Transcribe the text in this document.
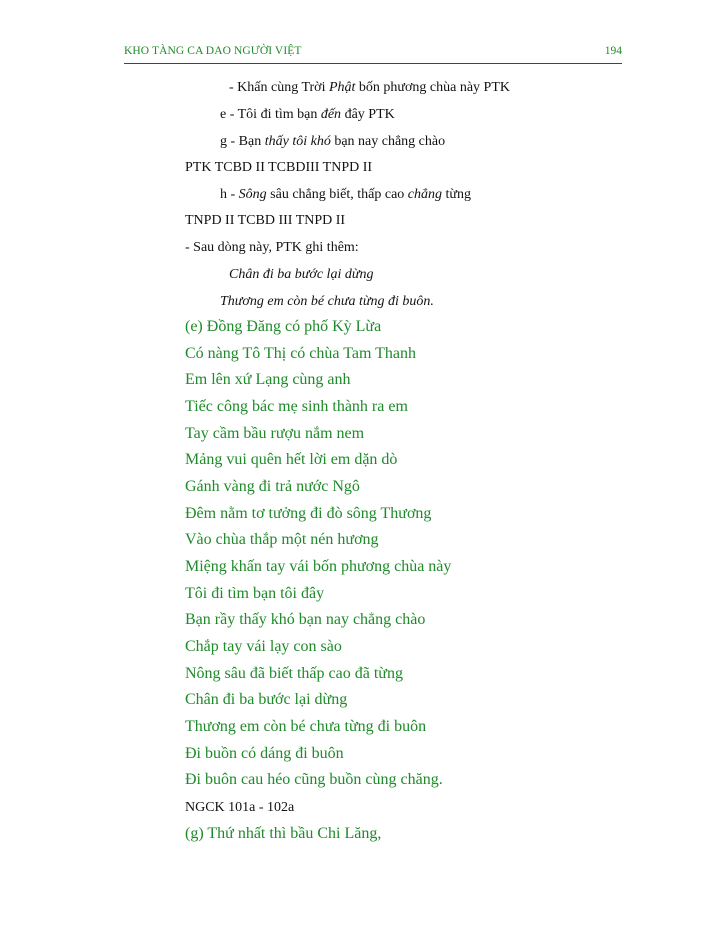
KHO TÀNG CA DAO NGƯỜI VIỆT	194
- Khấn cùng Trời Phật bốn phương chùa này PTK
e - Tôi đi tìm bạn đến đây PTK
g - Bạn thấy tôi khó bạn nay chẳng chào
PTK TCBD II TCBDIII TNPD II
h - Sông sâu chẳng biết, thấp cao chẳng từng
TNPD II TCBD III TNPD II
- Sau dòng này, PTK ghi thêm:
Chân đi ba bước lại dừng
Thương em còn bé chưa từng đi buôn.
(e) Đồng Đăng có phố Kỳ Lừa
Có nàng Tô Thị có chùa Tam Thanh
Em lên xứ Lạng cùng anh
Tiếc công bác mẹ sinh thành ra em
Tay cầm bầu rượu nắm nem
Mảng vui quên hết lời em dặn dò
Gánh vàng đi trả nước Ngô
Đêm nằm tơ tưởng đi đò sông Thương
Vào chùa thắp một nén hương
Miệng khấn tay vái bốn phương chùa này
Tôi đi tìm bạn tôi đây
Bạn rầy thấy khó bạn nay chẳng chào
Chắp tay vái lạy con sào
Nông sâu đã biết thấp cao đã từng
Chân đi ba bước lại dừng
Thương em còn bé chưa từng đi buôn
Đi buồn có dáng đi buôn
Đi buôn cau héo cũng buồn cùng chăng.
NGCK 101a - 102a
(g) Thứ nhất thì bầu Chi Lăng,
